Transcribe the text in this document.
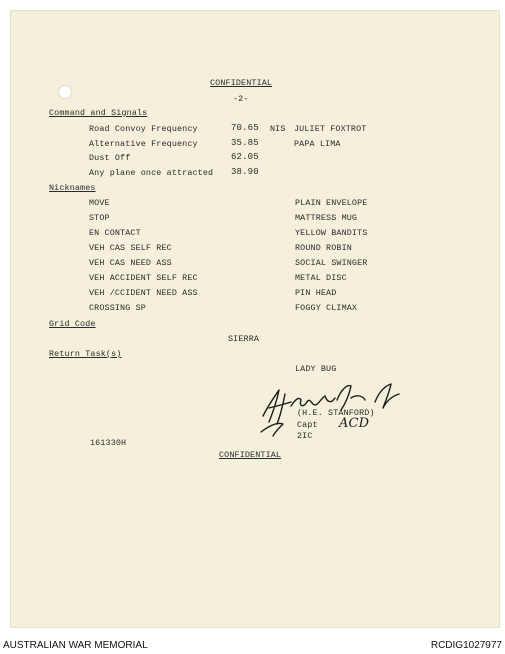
CONFIDENTIAL
-2-
Command and Signals
Road Convoy Frequency	70.65 NIS JULIET FOXTROT
Alternative Frequency	35.85	PAPA LIMA
Dust Off	62.05
Any plane once attracted 38.90
Nicknames
MOVE	PLAIN ENVELOPE
STOP	MATTRESS MUG
EN CONTACT	YELLOW BANDITS
VEH CAS SELF REC	ROUND ROBIN
VEH CAS NEED ASS	SOCIAL SWINGER
VEH ACCIDENT SELF REC	METAL DISC
VEH /CCIDENT NEED ASS	PIN HEAD
CROSSING SP	FOGGY CLIMAX
Grid Code
SIERRA
Return Task(s)
LADY BUG
(H.E. STANFORD)
Capt
2IC
ACD
161330H
CONFIDENTIAL
AUSTRALIAN WAR MEMORIAL	RCDIG1027977
